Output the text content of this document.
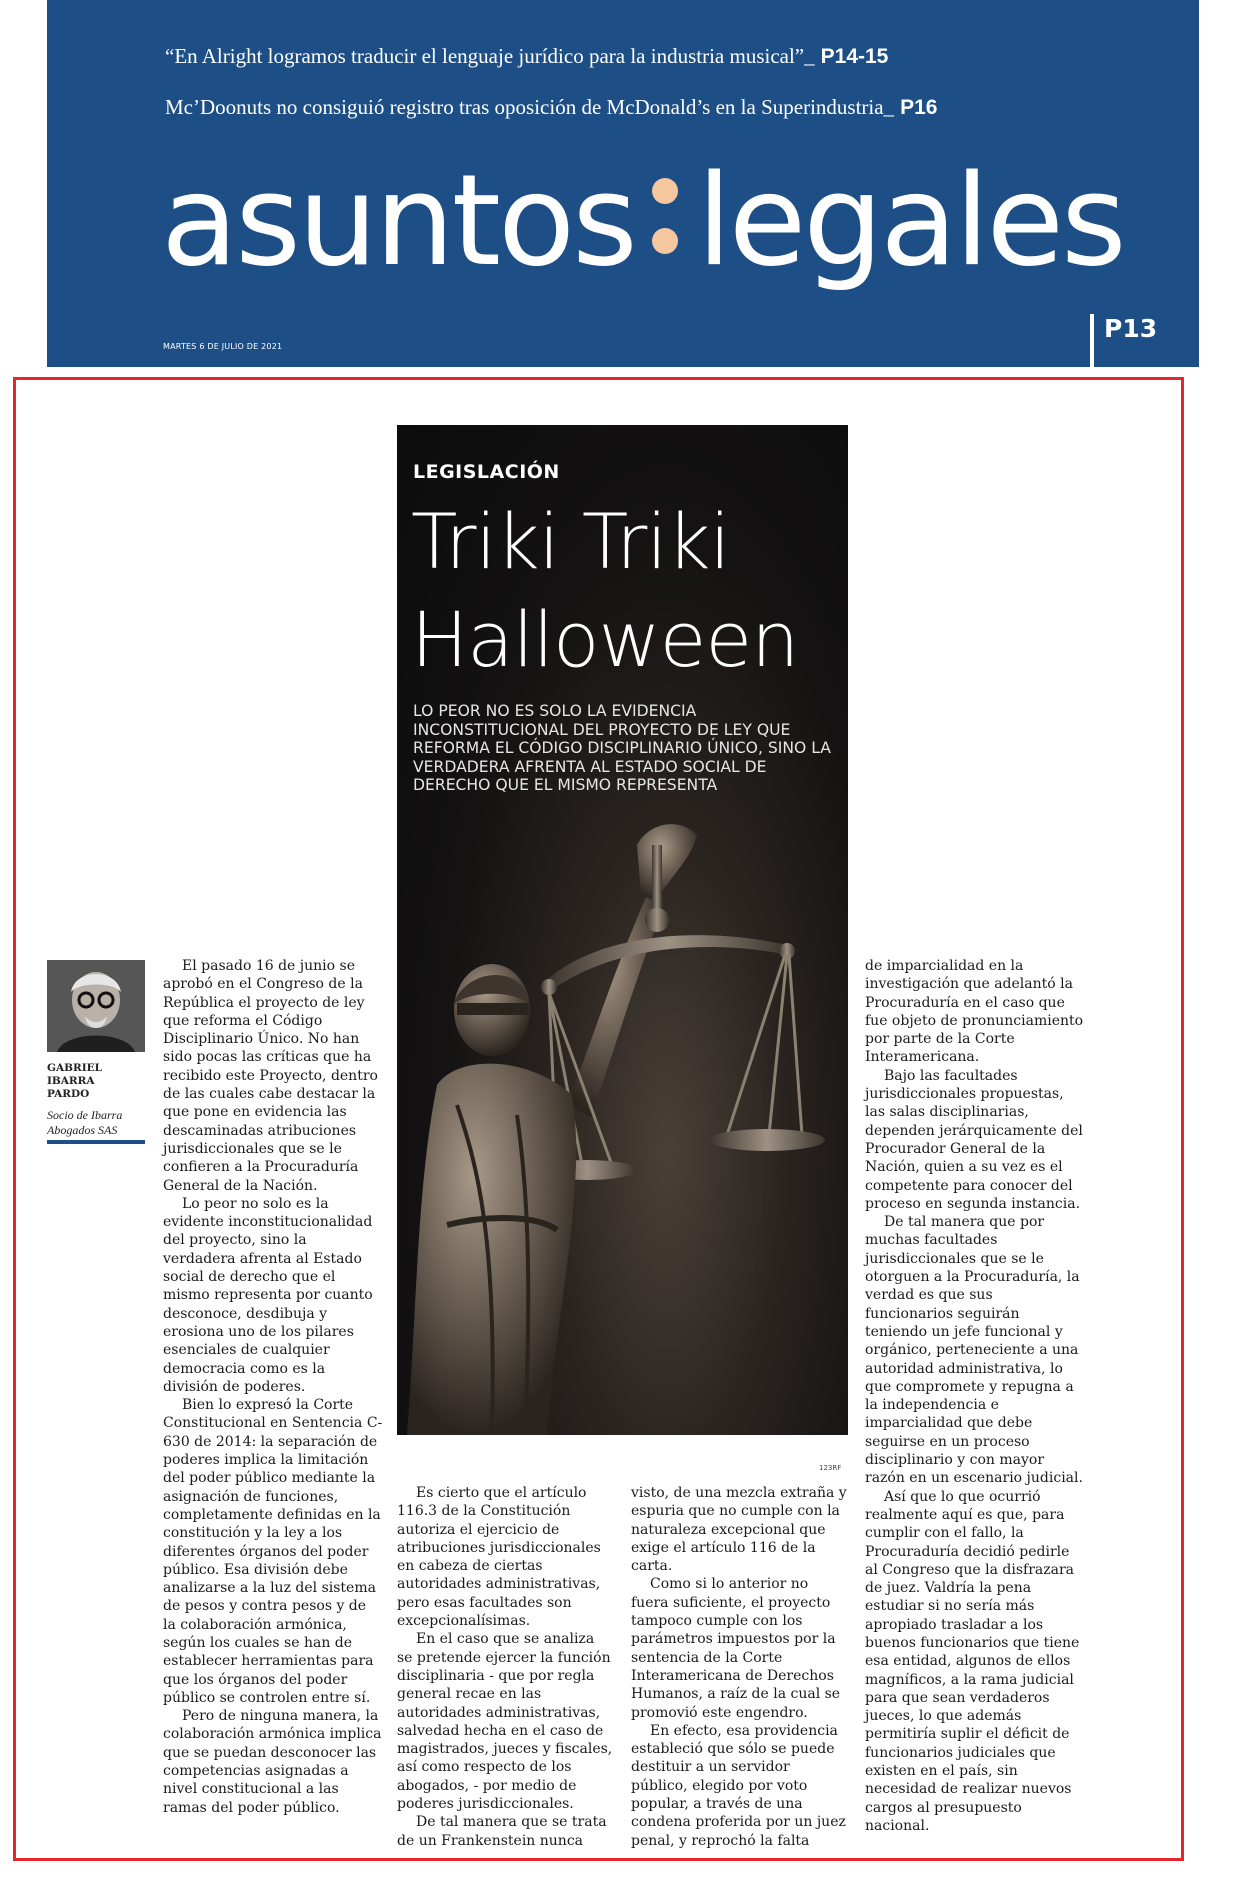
“En Alright logramos traducir el lenguaje jurídico para la industria musical”_ P14-15
Mc’Doonuts no consiguió registro tras oposición de McDonald’s en la Superindustria_ P16
asuntos legales
MARTES 6 DE JULIO DE 2021
P13
LEGISLACIÓN
Triki Triki
Halloween
LO PEOR NO ES SOLO LA EVIDENCIA INCONSTITUCIONAL DEL PROYECTO DE LEY QUE REFORMA EL CÓDIGO DISCIPLINARIO ÚNICO, SINO LA VERDADERA AFRENTA AL ESTADO SOCIAL DE DERECHO QUE EL MISMO REPRESENTA
123RF
GABRIEL IBARRA PARDO
Socio de Ibarra Abogados SAS

El pasado 16 de junio se aprobó en el Congreso de la República el proyecto de ley que reforma el Código Disciplinario Único. No han sido pocas las críticas que ha recibido este Proyecto, dentro de las cuales cabe destacar la que pone en evidencia las descaminadas atribuciones jurisdiccionales que se le confieren a la Procuraduría General de la Nación.

Lo peor no solo es la evidente inconstitucionalidad del proyecto, sino la verdadera afrenta al Estado social de derecho que el mismo representa por cuanto desconoce, desdibuja y erosiona uno de los pilares esenciales de cualquier democracia como es la división de poderes.

Bien lo expresó la Corte Constitucional en Sentencia C-630 de 2014: la separación de poderes implica la limitación del poder público mediante la asignación de funciones, completamente definidas en la constitución y la ley a los diferentes órganos del poder público. Esa división debe analizarse a la luz del sistema de pesos y contra pesos y de la colaboración armónica, según los cuales se han de establecer herramientas para que los órganos del poder público se controlen entre sí.

Pero de ninguna manera, la colaboración armónica implica que se puedan desconocer las competencias asignadas a nivel constitucional a las ramas del poder público.

Es cierto que el artículo 116.3 de la Constitución autoriza el ejercicio de atribuciones jurisdiccionales en cabeza de ciertas autoridades administrativas, pero esas facultades son excepcionalísimas.

En el caso que se analiza se pretende ejercer la función disciplinaria - que por regla general recae en las autoridades administrativas, salvedad hecha en el caso de magistrados, jueces y fiscales, así como respecto de los abogados, - por medio de poderes jurisdiccionales.

De tal manera que se trata de un Frankenstein nunca

visto, de una mezcla extraña y espuria que no cumple con la naturaleza excepcional que exige el artículo 116 de la carta.

Como si lo anterior no fuera suficiente, el proyecto tampoco cumple con los parámetros impuestos por la sentencia de la Corte Interamericana de Derechos Humanos, a raíz de la cual se promovió este engendro.

En efecto, esa providencia estableció que sólo se puede destituir a un servidor público, elegido por voto popular, a través de una condena proferida por un juez penal, y reprochó la falta

de imparcialidad en la investigación que adelantó la Procuraduría en el caso que fue objeto de pronunciamiento por parte de la Corte Interamericana.

Bajo las facultades jurisdiccionales propuestas, las salas disciplinarias, dependen jerárquicamente del Procurador General de la Nación, quien a su vez es el competente para conocer del proceso en segunda instancia.

De tal manera que por muchas facultades jurisdiccionales que se le otorguen a la Procuraduría, la verdad es que sus funcionarios seguirán teniendo un jefe funcional y orgánico, perteneciente a una autoridad administrativa, lo que compromete y repugna a la independencia e imparcialidad que debe seguirse en un proceso disciplinario y con mayor razón en un escenario judicial.

Así que lo que ocurrió realmente aquí es que, para cumplir con el fallo, la Procuraduría decidió pedirle al Congreso que la disfrazara de juez. Valdría la pena estudiar si no sería más apropiado trasladar a los buenos funcionarios que tiene esa entidad, algunos de ellos magníficos, a la rama judicial para que sean verdaderos jueces, lo que además permitiría suplir el déficit de funcionarios judiciales que existen en el país, sin necesidad de realizar nuevos cargos al presupuesto nacional.
